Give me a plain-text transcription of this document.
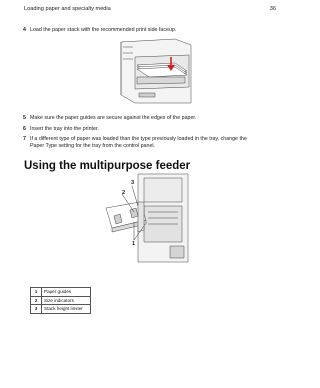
Loading paper and specialty media	36
4 Load the paper stack with the recommended print side faceup.
5 Make sure the paper guides are secure against the edges of the paper.
6 Insert the tray into the printer.
7 If a different type of paper was loaded than the type previously loaded in the tray, change the Paper Type setting for the tray from the control panel.
Using the multipurpose feeder
3
2
1
1	Paper guides
2	Size indicators
3	Stack height limiter
